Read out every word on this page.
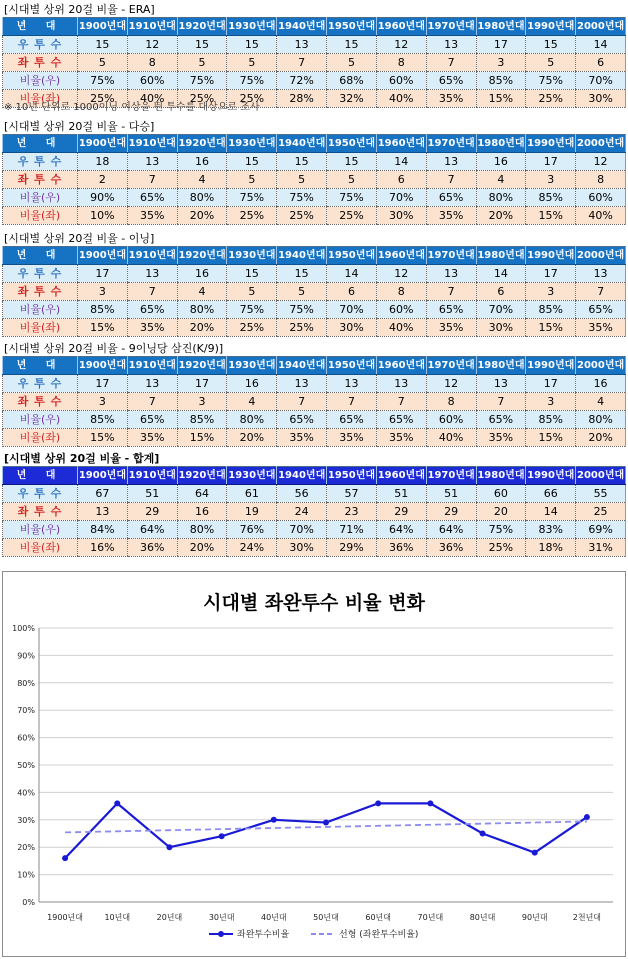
[시대별 상위 20걸 비율 - ERA]
년 대	1900년대	1910년대	1920년대	1930년대	1940년대	1950년대	1960년대	1970년대	1980년대	1990년대	2000년대
우 투 수	15	12	15	15	13	15	12	13	17	15	14
좌 투 수	5	8	5	5	7	5	8	7	3	5	6
비율(우)	75%	60%	75%	75%	72%	68%	60%	65%	85%	75%	70%
비율(좌)	25%	40%	25%	25%	28%	32%	40%	35%	15%	25%	30%
※ 10년 단위로 1000이닝 이상을 뛴 투수를 대상으로 조사
[시대별 상위 20걸 비율 - 다승]
년 대	1900년대	1910년대	1920년대	1930년대	1940년대	1950년대	1960년대	1970년대	1980년대	1990년대	2000년대
우 투 수	18	13	16	15	15	15	14	13	16	17	12
좌 투 수	2	7	4	5	5	5	6	7	4	3	8
비율(우)	90%	65%	80%	75%	75%	75%	70%	65%	80%	85%	60%
비율(좌)	10%	35%	20%	25%	25%	25%	30%	35%	20%	15%	40%
[시대별 상위 20걸 비율 - 이닝]
년 대	1900년대	1910년대	1920년대	1930년대	1940년대	1950년대	1960년대	1970년대	1980년대	1990년대	2000년대
우 투 수	17	13	16	15	15	14	12	13	14	17	13
좌 투 수	3	7	4	5	5	6	8	7	6	3	7
비율(우)	85%	65%	80%	75%	75%	70%	60%	65%	70%	85%	65%
비율(좌)	15%	35%	20%	25%	25%	30%	40%	35%	30%	15%	35%
[시대별 상위 20걸 비율 - 9이닝당 삼진(K/9)]
년 대	1900년대	1910년대	1920년대	1930년대	1940년대	1950년대	1960년대	1970년대	1980년대	1990년대	2000년대
우 투 수	17	13	17	16	13	13	13	12	13	17	16
좌 투 수	3	7	3	4	7	7	7	8	7	3	4
비율(우)	85%	65%	85%	80%	65%	65%	65%	60%	65%	85%	80%
비율(좌)	15%	35%	15%	20%	35%	35%	35%	40%	35%	15%	20%
[시대별 상위 20걸 비율 - 합계]
년 대	1900년대	1910년대	1920년대	1930년대	1940년대	1950년대	1960년대	1970년대	1980년대	1990년대	2000년대
우 투 수	67	51	64	61	56	57	51	51	60	66	55
좌 투 수	13	29	16	19	24	23	29	29	20	14	25
비율(우)	84%	64%	80%	76%	70%	71%	64%	64%	75%	83%	69%
비율(좌)	16%	36%	20%	24%	30%	29%	36%	36%	25%	18%	31%
시대별 좌완투수 비율 변화
0%
10%
20%
30%
40%
50%
60%
70%
80%
90%
100%
1900년대	10년대	20년대	30년대	40년대	50년대	60년대	70년대	80년대	90년대	2천년대
좌완투수비율	선형 (좌완투수비율)
